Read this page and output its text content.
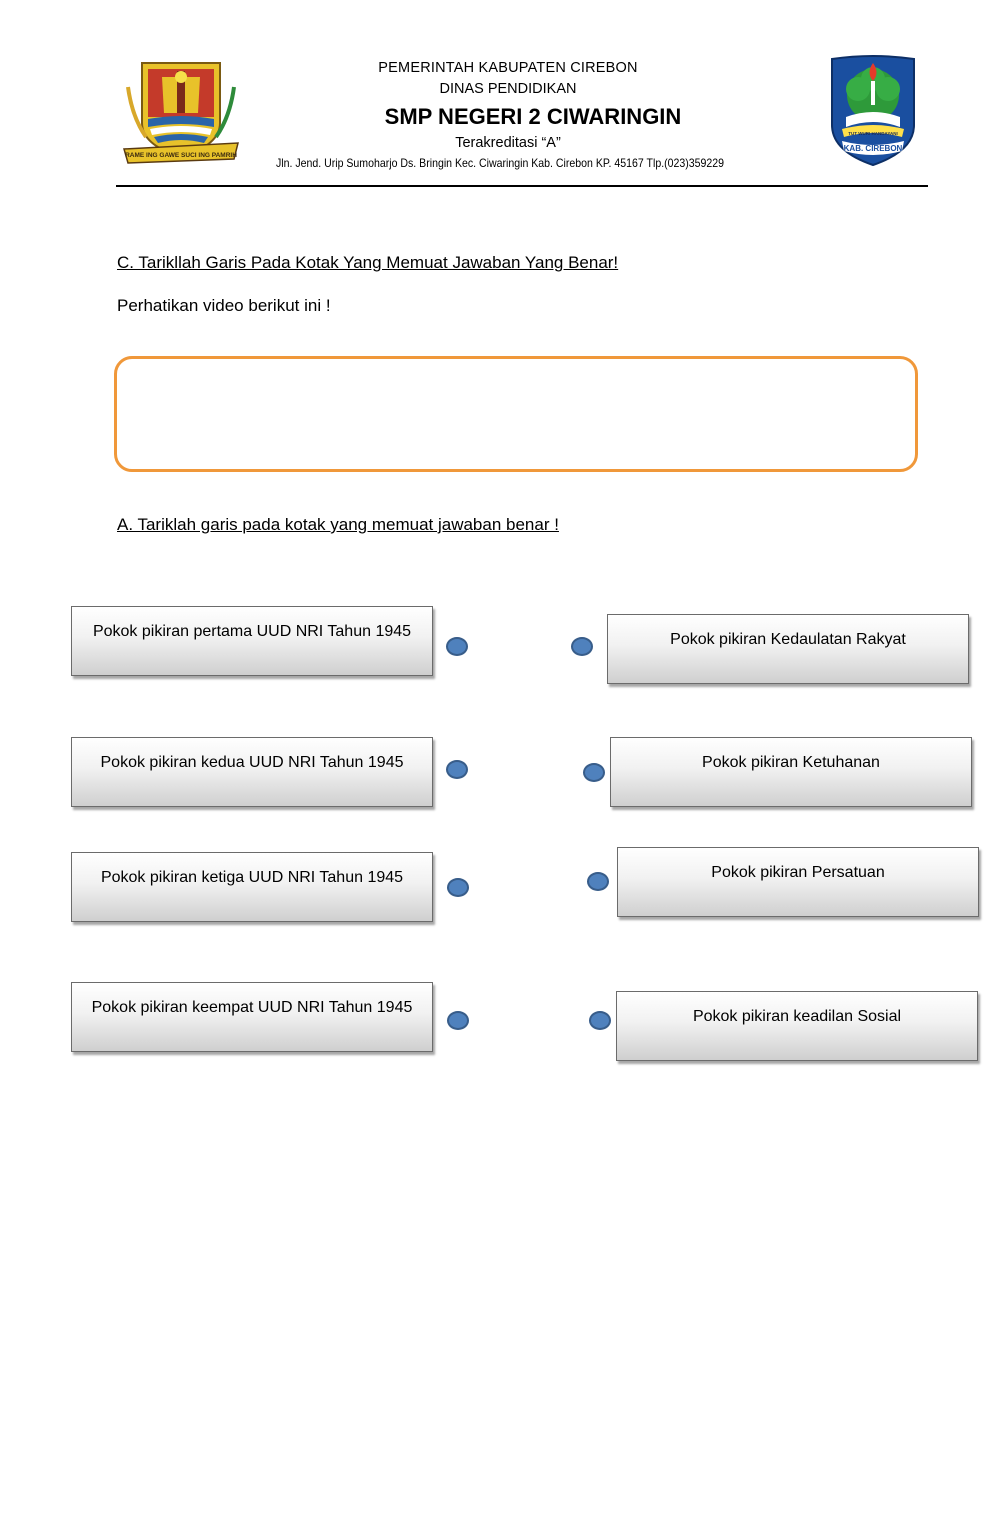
RAME ING GAWE SUCI ING PAMRIH
TUT WURI HANDAYANI
KAB. CIREBON
PEMERINTAH KABUPATEN CIREBON
DINAS PENDIDIKAN
SMP NEGERI 2 CIWARINGIN
Terakreditasi “A”
Jln. Jend. Urip Sumoharjo Ds. Bringin Kec. Ciwaringin Kab. Cirebon KP. 45167 Tlp.(023)359229
C. Tarikllah Garis Pada Kotak Yang Memuat Jawaban Yang Benar!
Perhatikan video berikut ini !
A. Tariklah garis pada kotak yang memuat jawaban benar !
Pokok pikiran pertama UUD NRI Tahun 1945
Pokok pikiran kedua UUD NRI Tahun 1945
Pokok pikiran ketiga UUD NRI Tahun 1945
Pokok pikiran keempat UUD NRI Tahun 1945
Pokok pikiran Kedaulatan Rakyat
Pokok pikiran Ketuhanan
Pokok pikiran Persatuan
Pokok pikiran keadilan Sosial
